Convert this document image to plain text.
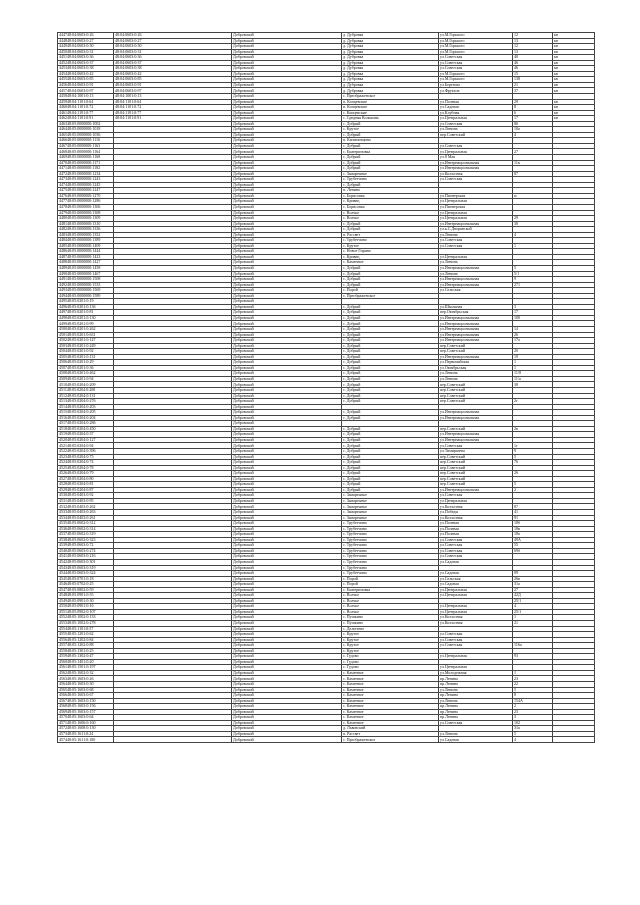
444748:04:0603:0:26	48:04:0603:0:26	Добровский	д. Дубровка	ул.М.Горького	12	кв
444848:04:0603:0:27	48:04:0603:0:27	Добровский	д. Дубровка	ул.М.Горького	13	кв
444948:04:0603:0:30	48:04:0603:0:30	Добровский	д. Дубровка	ул.М.Горького	12	кв
445048:04:0603:0:31	48:04:0603:0:31	Добровский	д. Дубровка	ул.М.Горького	13	кв
445148:04:0603:0:36	48:04:0603:0:36	Добровский	д. Дубровка	ул.Советская	40	кв
445248:04:0603:0:37	48:04:0603:0:37	Добровский	д. Дубровка	ул.Советская	46	кв
445348:04:0603:0:38	48:04:0603:0:38	Добровский	д. Дубровка	ул.Советская	46	кв
445448:04:0603:0:42	48:04:0603:0:42	Добровский	д. Дубровка	ул.М.Горького	15	кв
445548:04:0603:0:85	48:04:0603:0:85	Добровский	д. Дубровка	ул.М.Горького	138	кв
445648:04:0603:0:91	48:04:0603:0:91	Добровский	д. Дубровка	ул.Березова	21	кв
445748:04:0603:0:97	48:04:0603:0:97	Добровский	д. Дубровка	ул.Фруктов	37	кв
445848:04:1001:0:13	48:04:1001:0:13	Добровский	с. Преображенское			
445948:04:1101:0:64	48:04:1101:0:64	Добровский	п. Копцевские	ул.Полевая	29	кв
446048:04:1101:0:72	48:04:1101:0:72	Добровский	п. Копцевские	ул.Садовая	8	кв
446148:04:1101:0:77	48:04:1101:0:77	Добровский	с. Копцевские	ул.Клубная	6	кв
446248:04:1101:0:91	48:04:1101:0:91	Добровский	с. Средняя Колыкань	ул.Центральная	17	кв
446348:05:0000000:1002		Добровский	с. Добрый	ул.Советская	86	
446448:05:0000000:1018		Добровский	с. Крутое	ул.Ленина	10а	
446548:05:0000000:1036		Добровский	с. Добрый	пер.Советский	4	
446648:05:0000000:1116		Добровский	п. Капитанщино			
446748:05:0000000:1163		Добровский	с. Добрый	ул.Советская		
446848:05:0000000:1164		Добровский	с. Екатериновка	ул.Центральная	27	
446948:05:0000000:1168		Добровский	с. Добрый	ул.8 Мая		
447048:05:0000000:1171		Добровский	с. Добрый	ул.Интернациональная	11в	
447148:05:0000000:1182		Добровский	с. Добрый	ул.Интернациональная		
447248:05:0000000:1234		Добровский	с. Замартынье	ул.Колхозная	87	
447348:05:0000000:1243		Добровский	с. Трубетчино	ул.Советская		
447448:05:0000000:1245		Добровский	с. Добрый			
447548:05:0000000:1247		Добровский	п. Ленино			
447648:05:0000000:1270		Добровский	с. Борисовка	ул.Пионерская	м	
447748:05:0000000:1286		Добровский	с. Кривец	ул.Центральная		
447848:05:0000000:1306		Добровский	с. Борисовка	ул.Пионерская		
447948:05:0000000:1308		Добровский	с. Волчье	ул.Центральная		
448048:05:0000000:1309		Добровский	с. Волчье	ул.Центральная	29	
448148:05:0000000:1310		Добровский	с. Добрый	ул.Интернациональная	30	
448248:05:0000000:1336		Добровский	с. Добрый	ул.к.С.Дворянской		
448348:05:0000000:1352		Добровский	п. Рассвет	ул.Ленина	4	
448448:05:0000000:1389		Добровский	с. Трубетчино	ул.Советская		
448548:05:0000000:1409		Добровский	с. Крутое	ул.Советская	1	
448648:05:0000000:1444		Добровский	с. Новое Гирино			
448748:05:0000000:1423		Добровский	с. Кривец	ул.Центральная		
448848:05:0000000:1427		Добровский	с. Каменное	ул.Ленина		
448948:05:0000000:1458		Добровский	с. Добрый	ул.Интернациональная	5	
449048:05:0000000:1467		Добровский	с. Добрый	ул.Ленина	5/1	
449148:05:0000000:1508		Добровский	с. Добрый	ул.Интернациональная	9	
449248:05:0000000:1533		Добровский	с. Добрый	ул.Интернациональная	271	
449348:05:0000000:1569		Добровский	с. Порой	ул.Сельская		
449448:05:0000000:1589		Добровский	с. Преображенское			
449548:05:0201:0:19		Добровский				
449648:05:0201:0:136		Добровский	с. Добрый	ул.Школьная	3	
449748:05:0201:0:81		Добровский	с. Добрый	пер.Октябрьская	17	
449848:05:0201:0:130		Добровский	с. Добрый	ул.Интернациональная	100	
449948:05:0201:0:99		Добровский	с. Добрый	ул.Интернациональная		
450048:05:0201:0:262		Добровский	с. Добрый	ул.Интернациональная	14	
450148:05:0201:0:631		Добровский	с. Добрый	ул.Интернациональная	26	
450248:05:0201:0:147		Добровский	с. Добрый	ул.Интернациональная	17а	
450348:05:0201:0:249		Добровский	с. Добрый	пер.Советский		
450448:05:0201:0:92		Добровский	с. Добрый	пер.Советский	2б	
450548:05:0201:0:131		Добровский	с. Добрый	ул.Интернациональная	19	
450648:05:0201:0:29		Добровский	с. Добрый	ул.Первомайская	1	
450748:05:0201:0:36		Добровский	с. Добрый	ул.Октябрьская	1	
450848:05:0201:0:462		Добровский	с. Добрый	ул.Ленина	11/8	
450948:05:0201:0:94		Добровский	с. Добрый	ул.Ленина	11/а	
451048:05:0204:0:209		Добровский	с. Добрый	пер.Советский	38	
451148:05:0204:0:208		Добровский	с. Добрый	пер.Советский		
451248:05:0204:0:131		Добровский	с. Добрый	пер.Советский		
451348:05:0204:0:276		Добровский	с. Добрый	пер.Советский	2г	
451448:05:0204:0:203		Добровский				
451548:05:0204:0:205		Добровский	с. Добрый	ул.Интернациональная		
451648:05:0204:0:204		Добровский	с. Добрый	ул.Интернациональная		
451748:05:0204:0:286		Добровский				
451848:05:0204:0:450		Добровский	с. Добрый	пер.Советский	2в	
451948:05:0204:0:37		Добровский	с. Добрый	ул.Интернациональная		
452048:05:0204:0:127		Добровский	с. Добрый	ул.Интернациональная		
452148:05:0204:0:94		Добровский	с. Добрый	ул.Советская	1г	
452248:05:0204:0:396		Добровский	с. Добрый	ул.Тимирязева	9	
452348:05:0204:0:75		Добровский	с. Добрый	пер.Советский	5	
452448:05:0204:0:74		Добровский	с. Добрый	пер.Советский	76	
452548:05:0204:0:78		Добровский	с. Добрый	пер.Советский		
452648:05:0204:0:79		Добровский	с. Добрый	пер.Советский	26	
452748:05:0204:0:80		Добровский	с. Добрый	пер.Советский		
452848:05:0204:0:81		Добровский	с. Добрый	пер.Советский	5	
452948:05:0204:0:87		Добровский	с. Добрый	ул.Интернациональная	2	
453048:05:0403:0:92		Добровский	с. Замартынье	ул.Советская		
453148:05:0403:0:95		Добровский	с. Замартынье	ул.Центральная		
453248:05:0403:0:262		Добровский	с. Замартынье	ул.Колхозная	87	
453348:05:0403:0:263		Добровский	с. Замартынье	ул.Победы	41	
453448:05:0403:0:261		Добровский	с. Замартынье	ул.Колхозная	91	
453548:05:0602:0:312		Добровский	с. Трубетчино	ул.Полевая	18б	
453648:05:0602:0:314		Добровский	с. Трубетчино	ул.Полевая	18в	
453748:05:0602:0:319		Добровский	с. Трубетчино	ул.Полевая	18а	
453848:05:0602:0:323		Добровский	с. Трубетчино	ул.Советская	49А	
453948:05:0603:0:72		Добровский	с. Трубетчино	ул.Советская	55	
454048:05:0603:0:274		Добровский	с. Трубетчино	ул.Советская	69б	
454148:05:0603:0:216		Добровский	с. Трубетчино	ул.Советская		
454248:05:0603:0:301		Добровский	с. Трубетчино	ул.Садовая		
454348:05:0603:0:319		Добровский	с. Трубетчино			
454448:05:0603:0:324		Добровский	с. Трубетчино	ул.Садовая	99	
454548:05:0701:0:18		Добровский	с. Порой	ул.Сельская	26в	
454648:05:0702:0:25		Добровский	с. Порой	ул.Садовая	31а	
454748:05:0802:0:59		Добровский	с. Екатериновка	ул.Центральная	27	
454848:05:0901:0:55		Добровский	с. Волчье	ул.Центральная	42Д	
454948:05:0901:0:30		Добровский	с. Волчье		25/1	
455048:05:0901:0:16		Добровский	с. Волчье	ул.Центральная	4	
455148:05:0902:0:107		Добровский	с. Волчье	ул.Центральная	25/1	
455248:05:1002:0:133		Добровский	с. Пушкино	ул.Колхозная	1	
455348:05:1002:0:278		Добровский	с. Пушкино	ул.Колхозная	21	
455448:05:1101:0:57		Добровский	с. Дельтеево			
455548:05:1201:0:62		Добровский	с. Крутое	ул.Советская		
455648:05:1202:0:84		Добровский	с. Крутое	ул.Советская		
455748:05:1202:0:88		Добровский	с. Крутое	ул.Советская	116а	
455848:05:1301:0:25		Добровский	с. Крутое			
455948:05:1302:0:47		Добровский	с. Гудово	ул.Центральная	93	
456048:05:1401:0:20		Добровский	с. Гудово			
456148:05:1501:0:197		Добровский	с. Гудово	ул.Центральная		
456248:05:1602:0:32		Добровский	с. Каменное	ул.Молодежная	1	
456348:05:1603:0:26		Добровский	с. Каменное	пр.Ленина	23	
456448:05:1603:0:30		Добровский	с. Каменное	пр.Ленина	22	
456548:05:1603:0:68		Добровский	с. Каменное	ул.Ленина	5	
456648:05:1603:0:67		Добровский	с. Каменное	пр.Ленина	8	
456748:05:1603:0:150		Добровский	с. Каменное	ул.Ленина	154А	
456848:05:1603:0:156		Добровский	с. Каменное	пр.Ленина	2	
456948:05:1603:0:157		Добровский	с. Каменное	пр.Ленина	23	
457048:05:1603:0:64		Добровский	с. Каменное	пр.Ленина	3	
457148:05:1606:0:160		Добровский	с. Каменное	ул.Советская	102	
457248:05:1608:0:130		Добровский	д. Львовский		31а	
457348:05:1611:0:24		Добровский	п. Рассвет	ул.Ленина	5	
457448:05:1611:0:180		Добровский	с. Преображенское	ул.Садовая	4	
